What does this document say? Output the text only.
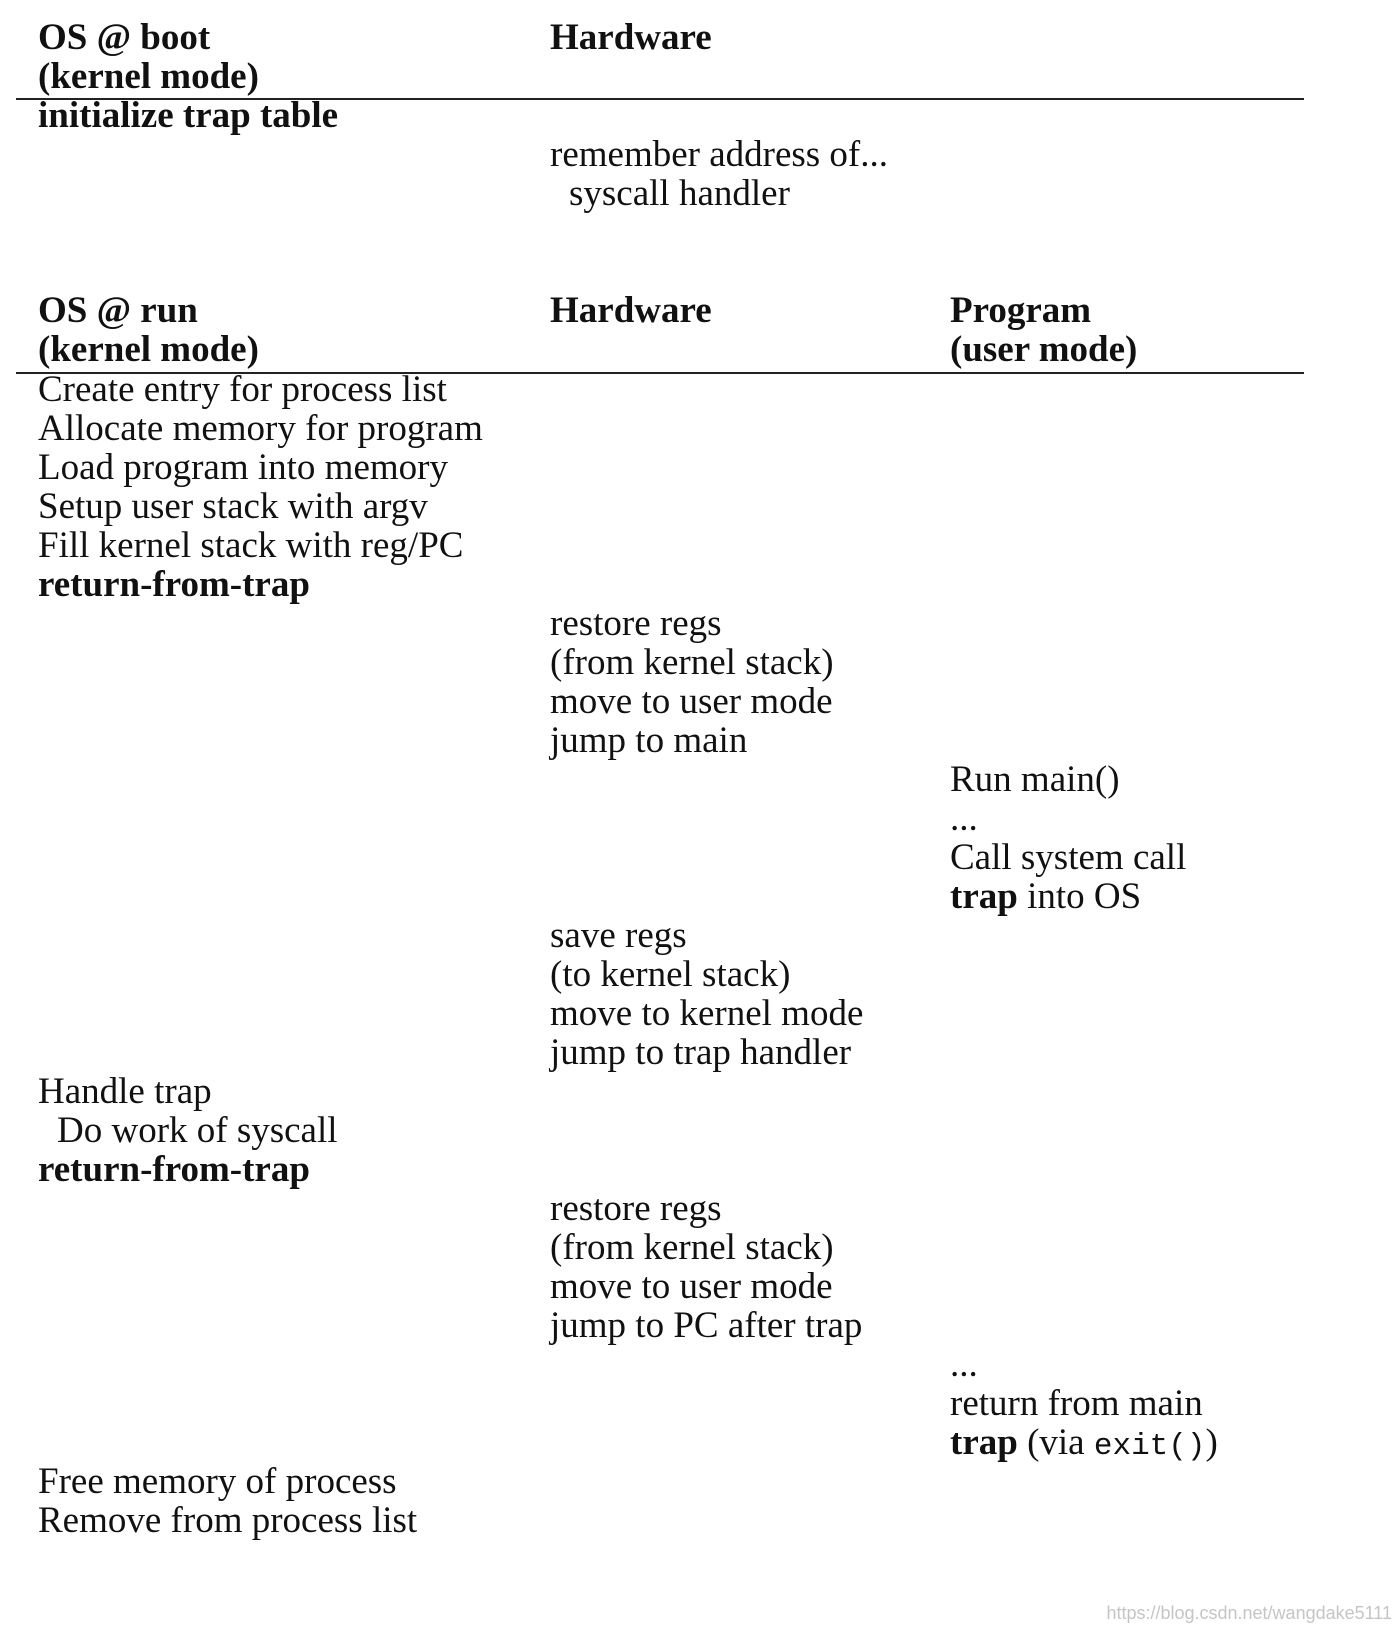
OS @ boot
(kernel mode)
Hardware
initialize trap table
remember address of...
syscall handler
OS @ run
(kernel mode)
Hardware	Program
(user mode)
Create entry for process list
Allocate memory for program
Load program into memory
Setup user stack with argv
Fill kernel stack with reg/PC
return-from-trap
restore regs
(from kernel stack)
move to user mode
jump to main
Run main()
...
Call system call
trap into OS
save regs
(to kernel stack)
move to kernel mode
jump to trap handler
Handle trap
Do work of syscall
return-from-trap
restore regs
(from kernel stack)
move to user mode
jump to PC after trap
...
return from main
trap (via exit())
Free memory of process
Remove from process list
https://blog.csdn.net/wangdake5111
